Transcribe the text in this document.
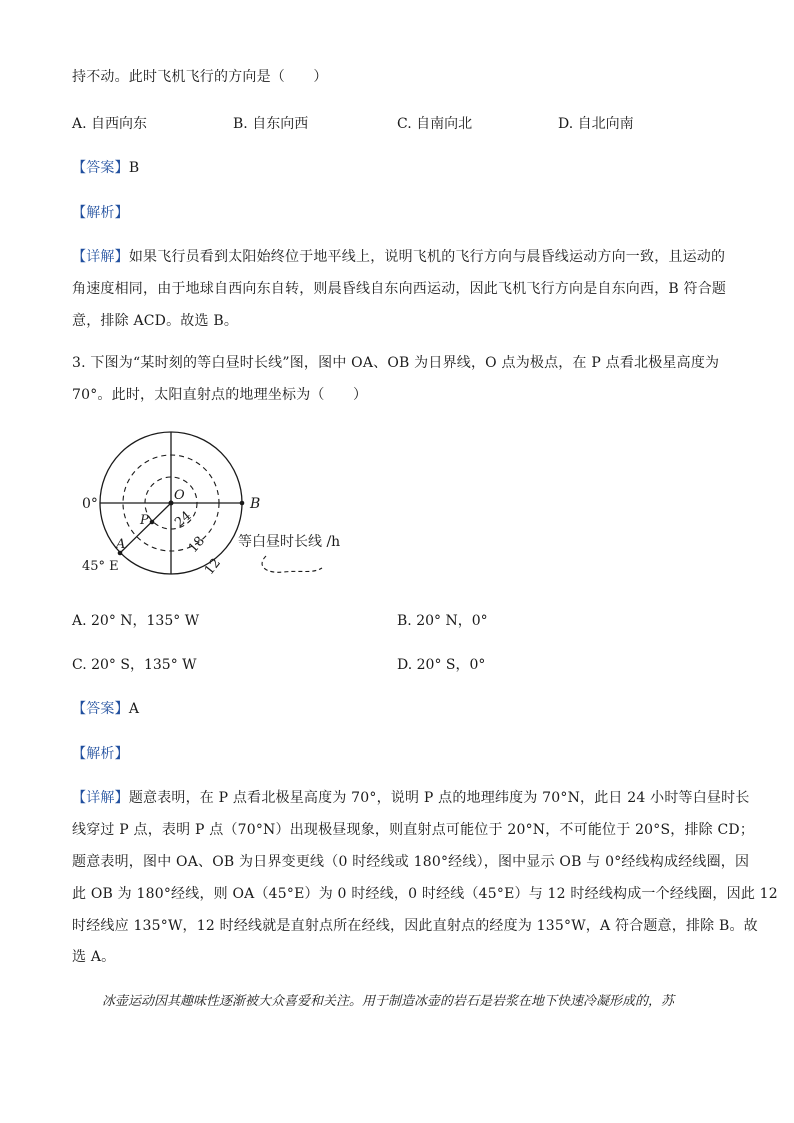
持不动。此时飞机飞行的方向是（　　）
A. 自西向东	B. 自东向西	C. 自南向北	D. 自北向南
【答案】B
【解析】
【详解】如果飞行员看到太阳始终位于地平线上，说明飞机的飞行方向与晨昏线运动方向一致，且运动的
角速度相同，由于地球自西向东自转，则晨昏线自东向西运动，因此飞机飞行方向是自东向西，B 符合题
意，排除 ACD。故选 B。
3. 下图为“某时刻的等白昼时长线”图，图中 OA、OB 为日界线，O 点为极点，在 P 点看北极星高度为
70°。此时，太阳直射点的地理坐标为（　　）
0°
O
B
P 24
18
12
A
45° E
等白昼时长线 /h
A. 20° N，135° W	B. 20° N，0°
C. 20° S，135° W	D. 20° S，0°
【答案】A
【解析】
【详解】题意表明，在 P 点看北极星高度为 70°，说明 P 点的地理纬度为 70°N，此日 24 小时等白昼时长
线穿过 P 点，表明 P 点（70°N）出现极昼现象，则直射点可能位于 20°N，不可能位于 20°S，排除 CD；
题意表明，图中 OA、OB 为日界变更线（0 时经线或 180°经线），图中显示 OB 与 0°经线构成经线圈，因
此 OB 为 180°经线，则 OA（45°E）为 0 时经线，0 时经线（45°E）与 12 时经线构成一个经线圈，因此 12
时经线应 135°W，12 时经线就是直射点所在经线，因此直射点的经度为 135°W，A 符合题意，排除 B。故
选 A。
冰壶运动因其趣味性逐渐被大众喜爱和关注。用于制造冰壶的岩石是岩浆在地下快速冷凝形成的，苏
